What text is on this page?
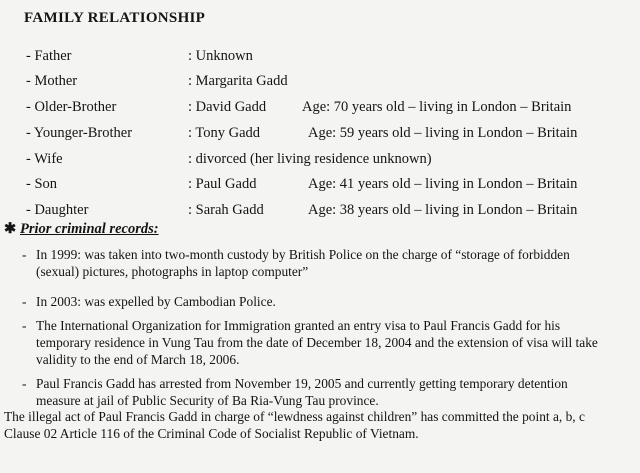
FAMILY RELATIONSHIP
- Father	: Unknown
- Mother	: Margarita Gadd
- Older-Brother	: David Gadd Age: 70 years old – living in London – Britain
- Younger-Brother	: Tony Gadd	Age: 59 years old – living in London – Britain
- Wife	: divorced (her living residence unknown)
- Son	: Paul Gadd	Age: 41 years old – living in London – Britain
- Daughter	: Sarah Gadd	Age: 38 years old – living in London – Britain
✱ Prior criminal records:
- In 1999: was taken into two-month custody by British Police on the charge of “storage of forbidden (sexual) pictures, photographs in laptop computer”
- In 2003: was expelled by Cambodian Police.
- The International Organization for Immigration granted an entry visa to Paul Francis Gadd for his temporary residence in Vung Tau from the date of December 18, 2004 and the extension of visa will take validity to the end of March 18, 2006.
- Paul Francis Gadd has arrested from November 19, 2005 and currently getting temporary detention measure at jail of Public Security of Ba Ria-Vung Tau province.
The illegal act of Paul Francis Gadd in charge of “lewdness against children” has committed the point a, b, c Clause 02 Article 116 of the Criminal Code of Socialist Republic of Vietnam.
